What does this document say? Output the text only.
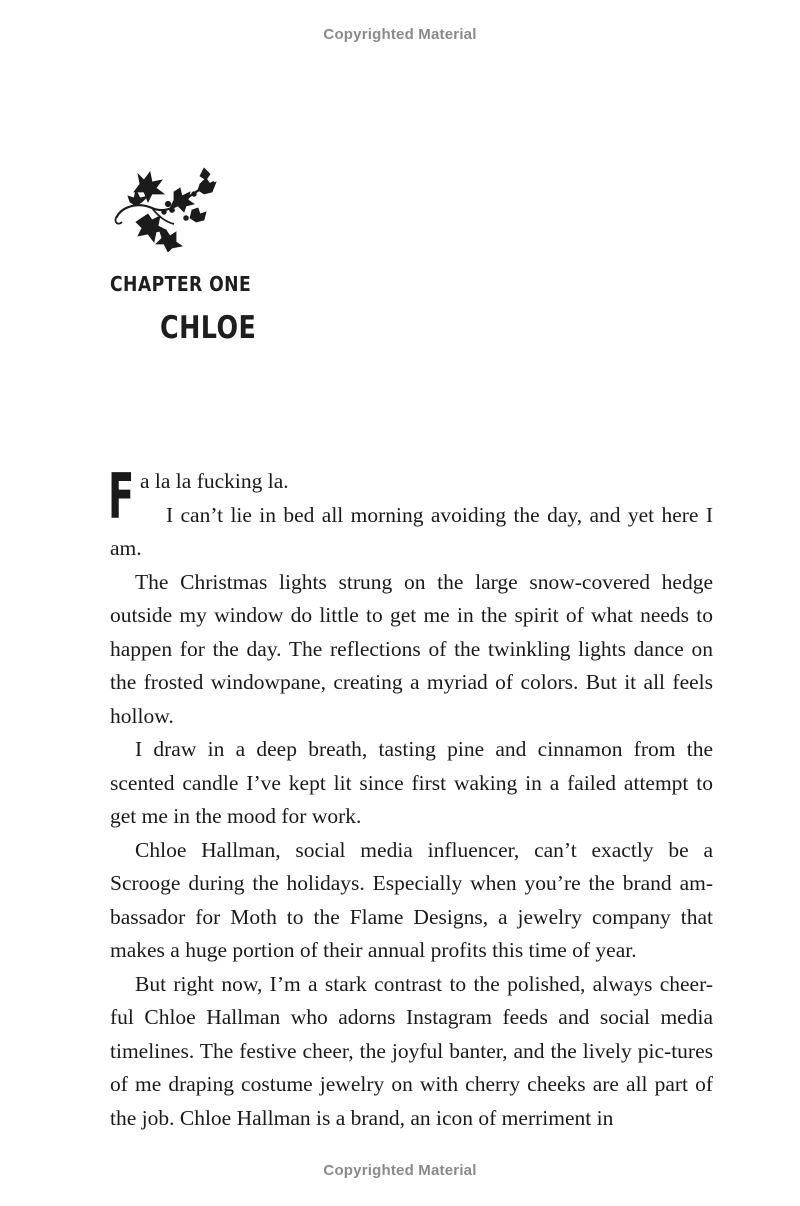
Copyrighted Material
CHAPTER ONE
CHLOE

Fa la la fucking la.
I can’t lie in bed all morning avoiding the day, and yet here I am.

The Christmas lights strung on the large snow-covered hedge outside my window do little to get me in the spirit of what needs to happen for the day. The reflections of the twinkling lights dance on the frosted windowpane, creating a myriad of colors. But it all feels hollow.

I draw in a deep breath, tasting pine and cinnamon from the scented candle I’ve kept lit since first waking in a failed attempt to get me in the mood for work.

Chloe Hallman, social media influencer, can’t exactly be a Scrooge during the holidays. Especially when you’re the brand am-bassador for Moth to the Flame Designs, a jewelry company that makes a huge portion of their annual profits this time of year.

But right now, I’m a stark contrast to the polished, always cheer-ful Chloe Hallman who adorns Instagram feeds and social media timelines. The festive cheer, the joyful banter, and the lively pic-tures of me draping costume jewelry on with cherry cheeks are all part of the job. Chloe Hallman is a brand, an icon of merriment in

Copyrighted Material
